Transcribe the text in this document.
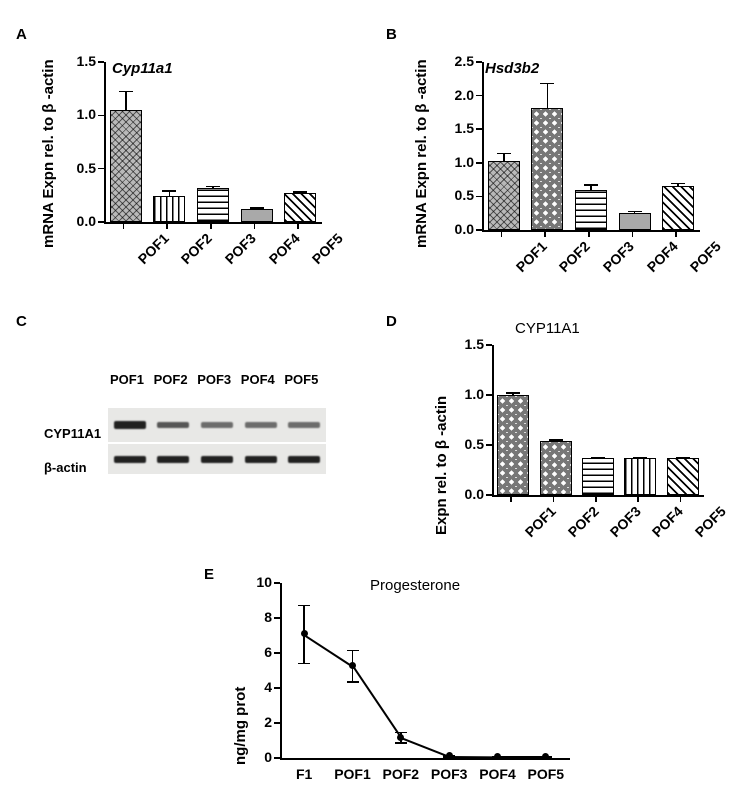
A
Cyp11a1
mRNA Expn rel. to β -actin	0.0
0.5
1.0
1.5
POF1 POF2 POF3 POF4 POF5
B
Hsd3b2
mRNA Expn rel. to β -actin	0.0
0.5
1.0
1.5
2.0
2.5
POF1 POF2 POF3 POF4 POF5
C
POF1 POF2 POF3 POF4 POF5
CYP11A1
β-actin
D	CYP11A1
Expn rel. to β -actin	0.0
0.5
1.0
1.5
POF1 POF2 POF3 POF4 POF5
E
Progesterone
ng/mg prot	0
2
4
6
8
10
F1	POF1 POF2 POF3 POF4 POF5
